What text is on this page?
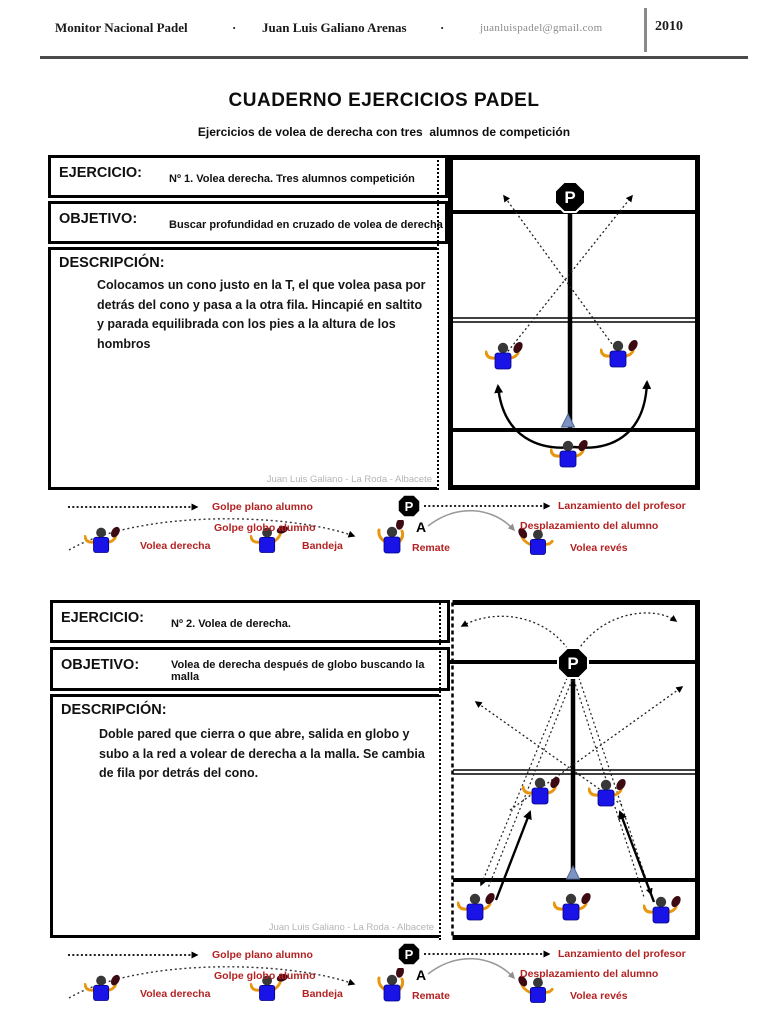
Monitor Nacional Padel	· Juan Luis Galiano Arenas	·	juanluispadel@gmail.com	2010
CUADERNO EJERCICIOS PADEL
Ejercicios de volea de derecha con tres  alumnos de competición
EJERCICIO:	Nº 1. Volea derecha. Tres alumnos competición
OBJETIVO:	Buscar profundidad en cruzado de volea de derecha
DESCRIPCIÓN:
Colocamos un cono justo en la T, el que volea pasa por detrás del cono y pasa a la otra fila. Hincapié en saltito y parada equilibrada con los pies a la altura de los hombros
Juan Luis Galiano - La Roda - Albacete
P
P
A
Golpe plano alumno
Golpe globo alumno
Volea derecha	Bandeja
Lanzamiento del profesor
Desplazamiento del alumno
Remate	Volea revés
EJERCICIO:	Nº 2. Volea de derecha.
OBJETIVO:	Volea de derecha después de globo buscando la malla
DESCRIPCIÓN:
Doble pared que cierra o que abre, salida en globo y subo a la red a volear de derecha a la malla. Se cambia de fila por detrás del cono.
Juan Luis Galiano - La Roda - Albacete
P
P
A
Golpe plano alumno
Golpe globo alumno
Volea derecha	Bandeja
Lanzamiento del profesor
Desplazamiento del alumno
Remate	Volea revés
